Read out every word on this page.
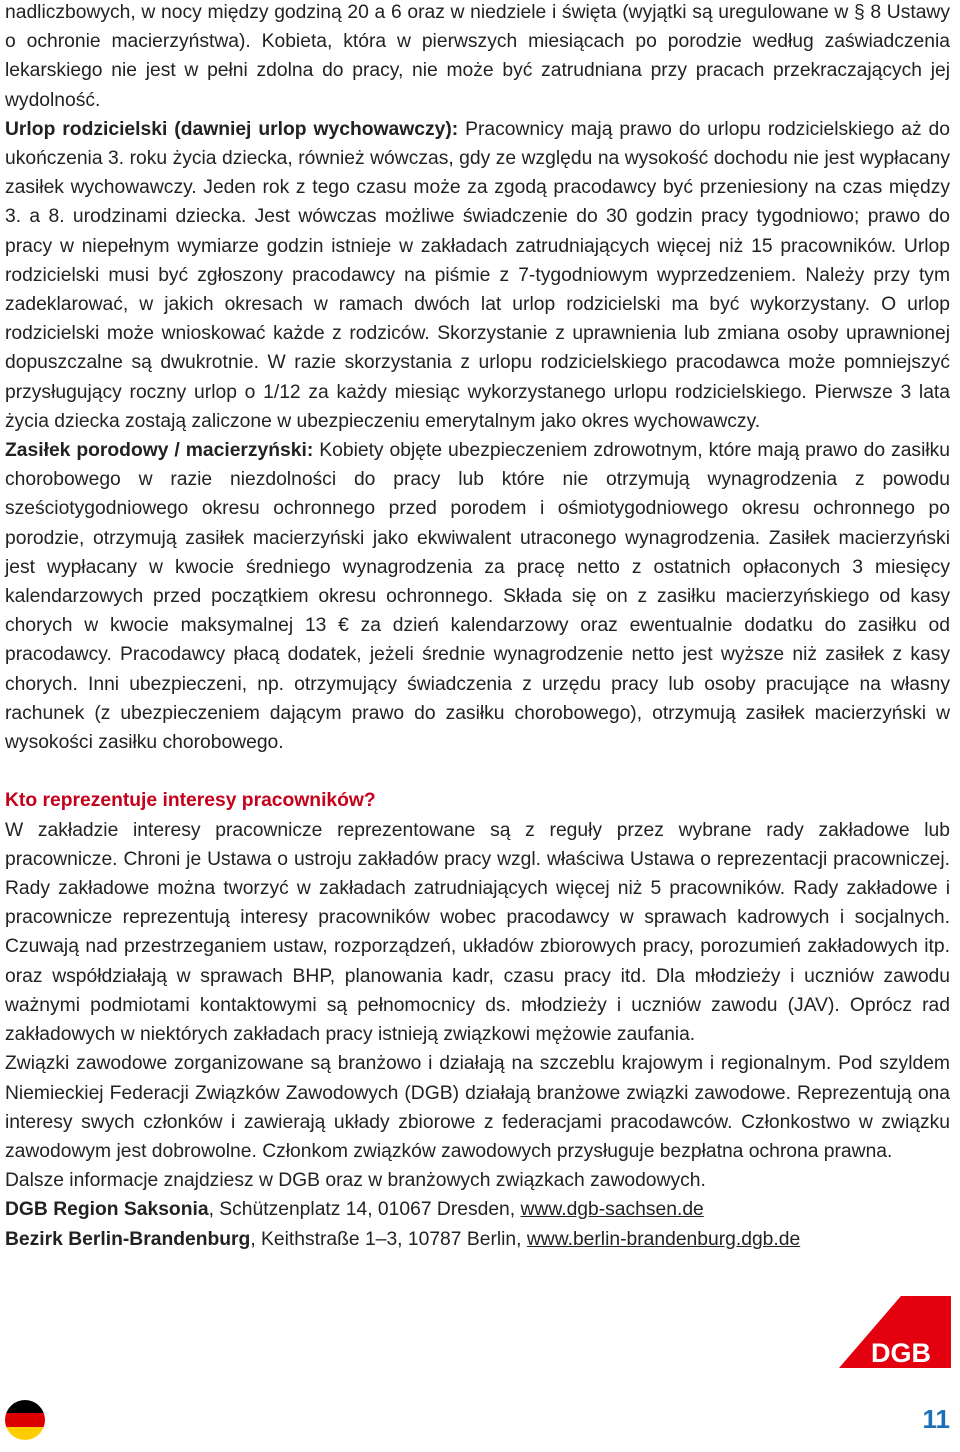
nadliczbowych, w nocy między godziną 20 a 6 oraz w niedziele i święta (wyjątki są uregulowane w § 8 Ustawy o ochronie macierzyństwa). Kobieta, która w pierwszych miesiącach po porodzie według zaświadczenia lekarskiego nie jest w pełni zdolna do pracy, nie może być zatrudniana przy pracach przekraczających jej wydolność.

Urlop rodzicielski (dawniej urlop wychowawczy): Pracownicy mają prawo do urlopu rodzicielskiego aż do ukończenia 3. roku życia dziecka, również wówczas, gdy ze względu na wysokość dochodu nie jest wypłacany zasiłek wychowawczy. Jeden rok z tego czasu może za zgodą pracodawcy być przeniesiony na czas między 3. a 8. urodzinami dziecka. Jest wówczas możliwe świadczenie do 30 godzin pracy tygodniowo; prawo do pracy w niepełnym wymiarze godzin istnieje w zakładach zatrudniających więcej niż 15 pracowników. Urlop rodzicielski musi być zgłoszony pracodawcy na piśmie z 7-tygodniowym wyprzedzeniem. Należy przy tym zadeklarować, w jakich okresach w ramach dwóch lat urlop rodzicielski ma być wykorzystany. O urlop rodzicielski może wnioskować każde z rodziców. Skorzystanie z uprawnienia lub zmiana osoby uprawnionej dopuszczalne są dwukrotnie. W razie skorzystania z urlopu rodzicielskiego pracodawca może pomniejszyć przysługujący roczny urlop o 1/12 za każdy miesiąc wykorzystanego urlopu rodzicielskiego. Pierwsze 3 lata życia dziecka zostają zaliczone w ubezpieczeniu emerytalnym jako okres wychowawczy.

Zasiłek porodowy / macierzyński: Kobiety objęte ubezpieczeniem zdrowotnym, które mają prawo do zasiłku chorobowego w razie niezdolności do pracy lub które nie otrzymują wynagrodzenia z powodu sześciotygodniowego okresu ochronnego przed porodem i ośmiotygodniowego okresu ochronnego po porodzie, otrzymują zasiłek macierzyński jako ekwiwalent utraconego wynagrodzenia. Zasiłek macierzyński jest wypłacany w kwocie średniego wynagrodzenia za pracę netto z ostatnich opłaconych 3 miesięcy kalendarzowych przed początkiem okresu ochronnego. Składa się on z zasiłku macierzyńskiego od kasy chorych w kwocie maksymalnej 13 € za dzień kalendarzowy oraz ewentualnie dodatku do zasiłku od pracodawcy. Pracodawcy płacą dodatek, jeżeli średnie wynagrodzenie netto jest wyższe niż zasiłek z kasy chorych. Inni ubezpieczeni, np. otrzymujący świadczenia z urzędu pracy lub osoby pracujące na własny rachunek (z ubezpieczeniem dającym prawo do zasiłku chorobowego), otrzymują zasiłek macierzyński w wysokości zasiłku chorobowego.

Kto reprezentuje interesy pracowników?

W zakładzie interesy pracownicze reprezentowane są z reguły przez wybrane rady zakładowe lub pracownicze. Chroni je Ustawa o ustroju zakładów pracy wzgl. właściwa Ustawa o reprezentacji pracowniczej. Rady zakładowe można tworzyć w zakładach zatrudniających więcej niż 5 pracowników. Rady zakładowe i pracownicze reprezentują interesy pracowników wobec pracodawcy w sprawach kadrowych i socjalnych. Czuwają nad przestrzeganiem ustaw, rozporządzeń, układów zbiorowych pracy, porozumień zakładowych itp. oraz współdziałają w sprawach BHP, planowania kadr, czasu pracy itd. Dla młodzieży i uczniów zawodu ważnymi podmiotami kontaktowymi są pełnomocnicy ds. młodzieży i uczniów zawodu (JAV). Oprócz rad zakładowych w niektórych zakładach pracy istnieją związkowi mężowie zaufania.

Związki zawodowe zorganizowane są branżowo i działają na szczeblu krajowym i regionalnym. Pod szyldem Niemieckiej Federacji Związków Zawodowych (DGB) działają branżowe związki zawodowe. Reprezentują ona interesy swych członków i zawierają układy zbiorowe z federacjami pracodawców. Członkostwo w związku zawodowym jest dobrowolne. Członkom związków zawodowych przysługuje bezpłatna ochrona prawna.

Dalsze informacje znajdziesz w DGB oraz w branżowych związkach zawodowych.

DGB Region Saksonia, Schützenplatz 14, 01067 Dresden, www.dgb-sachsen.de

Bezirk Berlin-Brandenburg, Keithstraße 1–3, 10787 Berlin, www.berlin-brandenburg.dgb.de

DGB
11
